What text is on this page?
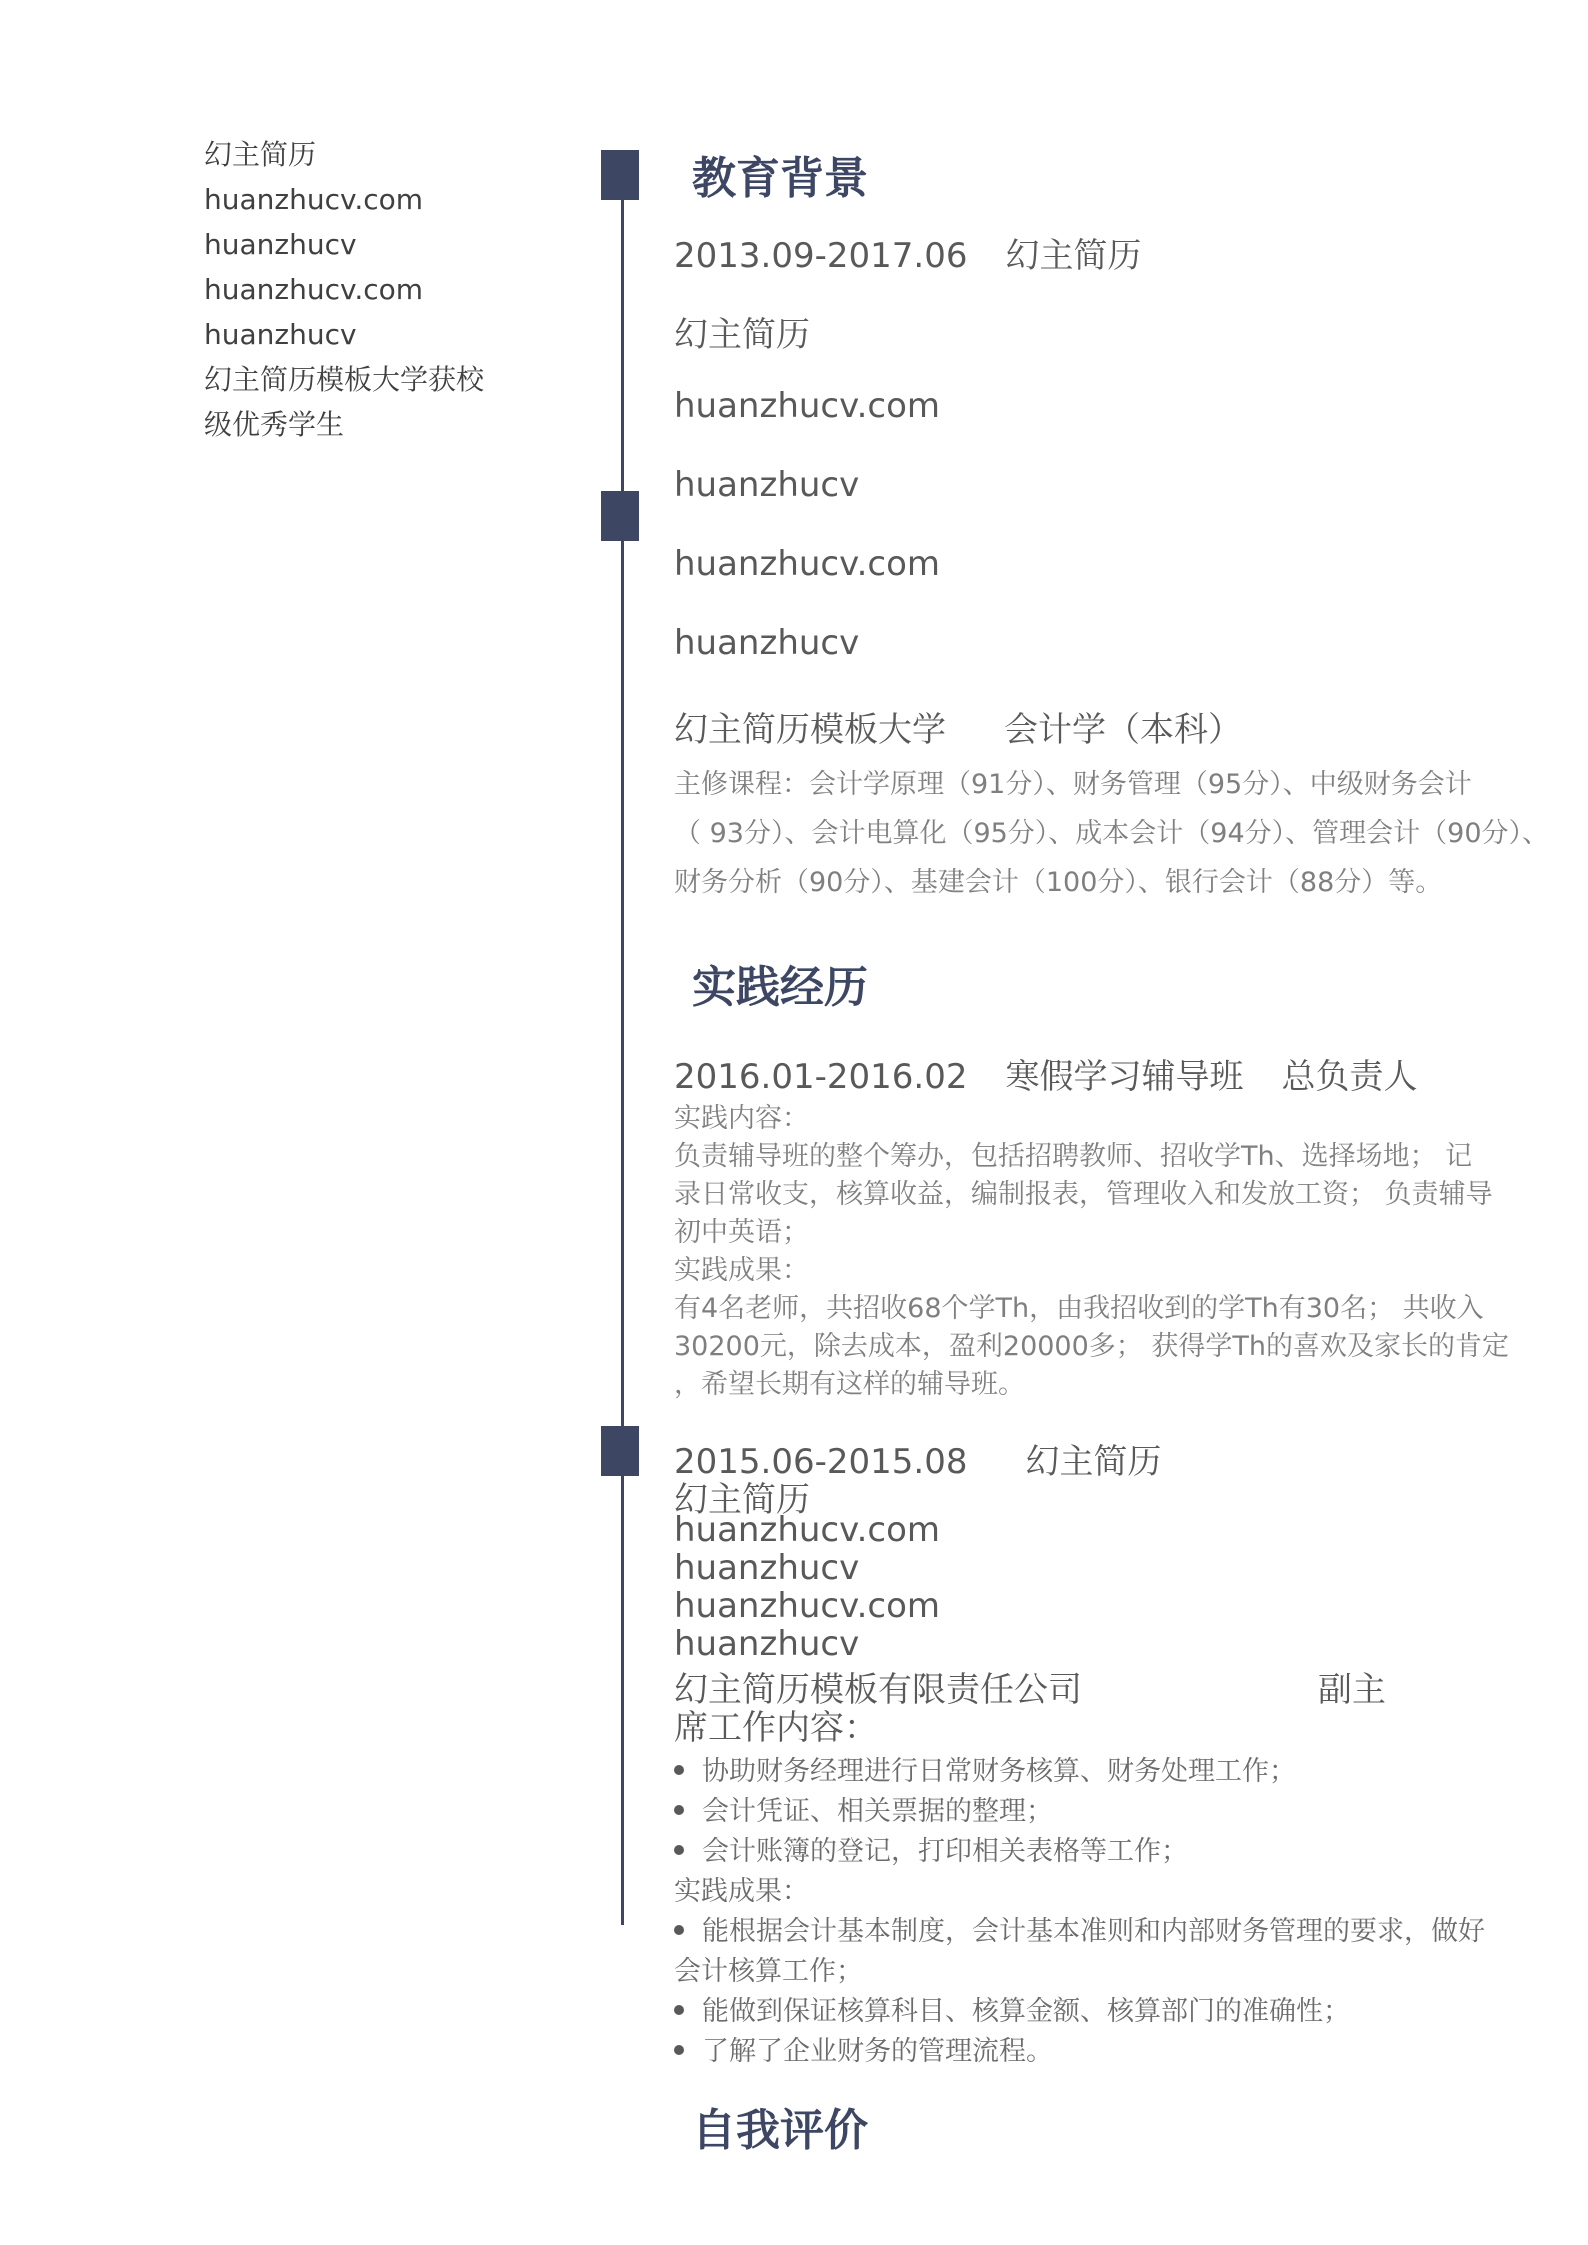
幻主简历
huanzhucv.com
huanzhucv
huanzhucv.com
huanzhucv
幻主简历模板大学获校
级优秀学生
教育背景
2013.09-2017.06 幻主简历
幻主简历
huanzhucv.com
huanzhucv
huanzhucv.com
huanzhucv
幻主简历模板大学 会计学（本科）
主修课程：会计学原理（91分）、财务管理（95分）、中级财务会计
（ 93分）、会计电算化（95分）、成本会计（94分）、管理会计（90分）、
财务分析（90分）、基建会计（100分）、银行会计（88分）等。
实践经历
2016.01-2016.02 寒假学习辅导班 总负责人
实践内容：
负责辅导班的整个筹办，包括招聘教师、招收学Th、选择场地； 记
录日常收支，核算收益，编制报表，管理收入和发放工资； 负责辅导
初中英语；
实践成果：
有4名老师，共招收68个学Th，由我招收到的学Th有30名； 共收入
30200元，除去成本，盈利20000多； 获得学Th的喜欢及家长的肯定
，希望长期有这样的辅导班。
2015.06-2015.08 幻主简历
幻主简历
huanzhucv.com
huanzhucv
huanzhucv.com
huanzhucv
幻主简历模板有限责任公司	副主
席工作内容：
协助财务经理进行日常财务核算、财务处理工作；
会计凭证、相关票据的整理；
会计账簿的登记，打印相关表格等工作；
实践成果：
能根据会计基本制度，会计基本准则和内部财务管理的要求，做好
会计核算工作；
能做到保证核算科目、核算金额、核算部门的准确性；
了解了企业财务的管理流程。
自我评价
